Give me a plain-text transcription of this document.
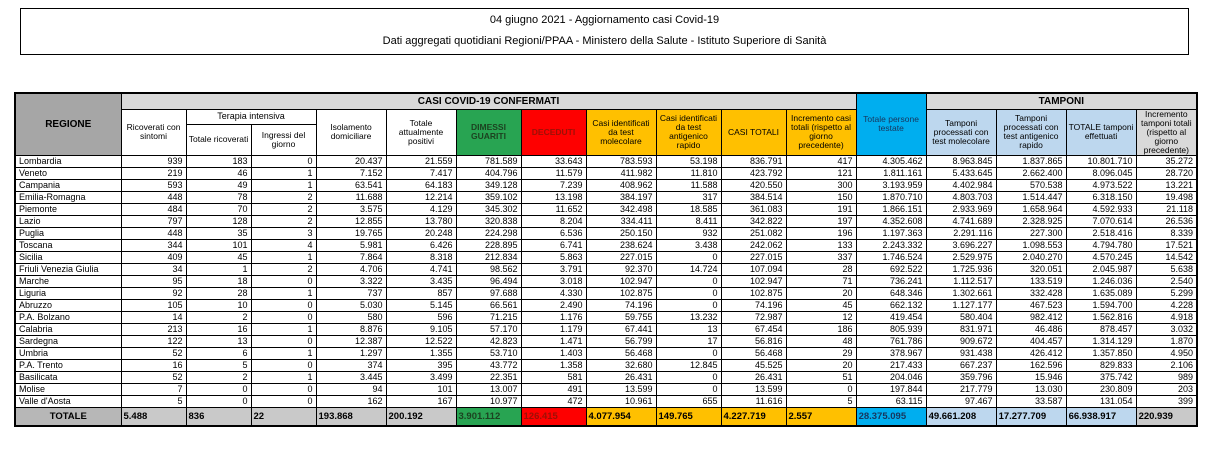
04 giugno 2021 - Aggiornamento casi Covid-19
Dati aggregati quotidiani Regioni/PPAA - Ministero della Salute - Istituto Superiore di Sanità
REGIONE	CASI COVID-19 CONFERMATI											Totale persone testate	TAMPONI			
	Ricoverati con sintomi	Terapia intensiva		Isolamento domiciliare	Totale attualmente positivi	DIMESSI GUARITI	DECEDUTI	Casi identificati da test molecolare	Casi identificati da test antigenico rapido	CASI TOTALI	Incremento casi totali (rispetto al giorno precedente)		Tamponi processati con test molecolare	Tamponi processati con test antigenico rapido	TOTALE tamponi effettuati	Incremento tamponi totali (rispetto al giorno precedente)
		Totale ricoverati	Ingressi del giorno													
Lombardia	939	183	0	20.437	21.559	781.589	33.643	783.593	53.198	836.791	417	4.305.462	8.963.845	1.837.865	10.801.710	35.272
Veneto	219	46	1	7.152	7.417	404.796	11.579	411.982	11.810	423.792	121	1.811.161	5.433.645	2.662.400	8.096.045	28.720
Campania	593	49	1	63.541	64.183	349.128	7.239	408.962	11.588	420.550	300	3.193.959	4.402.984	570.538	4.973.522	13.221
Emilia-Romagna	448	78	2	11.688	12.214	359.102	13.198	384.197	317	384.514	150	1.870.710	4.803.703	1.514.447	6.318.150	19.498
Piemonte	484	70	2	3.575	4.129	345.302	11.652	342.498	18.585	361.083	191	1.866.151	2.933.969	1.658.964	4.592.933	21.118
Lazio	797	128	2	12.855	13.780	320.838	8.204	334.411	8.411	342.822	197	4.352.608	4.741.689	2.328.925	7.070.614	26.536
Puglia	448	35	3	19.765	20.248	224.298	6.536	250.150	932	251.082	196	1.197.363	2.291.116	227.300	2.518.416	8.339
Toscana	344	101	4	5.981	6.426	228.895	6.741	238.624	3.438	242.062	133	2.243.332	3.696.227	1.098.553	4.794.780	17.521
Sicilia	409	45	1	7.864	8.318	212.834	5.863	227.015	0	227.015	337	1.746.524	2.529.975	2.040.270	4.570.245	14.542
Friuli Venezia Giulia	34	1	2	4.706	4.741	98.562	3.791	92.370	14.724	107.094	28	692.522	1.725.936	320.051	2.045.987	5.638
Marche	95	18	0	3.322	3.435	96.494	3.018	102.947	0	102.947	71	736.241	1.112.517	133.519	1.246.036	2.540
Liguria	92	28	1	737	857	97.688	4.330	102.875	0	102.875	20	648.346	1.302.661	332.428	1.635.089	5.299
Abruzzo	105	10	0	5.030	5.145	66.561	2.490	74.196	0	74.196	45	662.132	1.127.177	467.523	1.594.700	4.228
P.A. Bolzano	14	2	0	580	596	71.215	1.176	59.755	13.232	72.987	12	419.454	580.404	982.412	1.562.816	4.918
Calabria	213	16	1	8.876	9.105	57.170	1.179	67.441	13	67.454	186	805.939	831.971	46.486	878.457	3.032
Sardegna	122	13	0	12.387	12.522	42.823	1.471	56.799	17	56.816	48	761.786	909.672	404.457	1.314.129	1.870
Umbria	52	6	1	1.297	1.355	53.710	1.403	56.468	0	56.468	29	378.967	931.438	426.412	1.357.850	4.950
P.A. Trento	16	5	0	374	395	43.772	1.358	32.680	12.845	45.525	20	217.433	667.237	162.596	829.833	2.106
Basilicata	52	2	1	3.445	3.499	22.351	581	26.431	0	26.431	51	204.046	359.796	15.946	375.742	989
Molise	7	0	0	94	101	13.007	491	13.599	0	13.599	0	197.844	217.779	13.030	230.809	203
Valle d'Aosta	5	0	0	162	167	10.977	472	10.961	655	11.616	5	63.115	97.467	33.587	131.054	399
TOTALE	5.488	836	22	193.868	200.192	3.901.112	126.415	4.077.954	149.765	4.227.719	2.557	28.375.095	49.661.208	17.277.709	66.938.917	220.939
